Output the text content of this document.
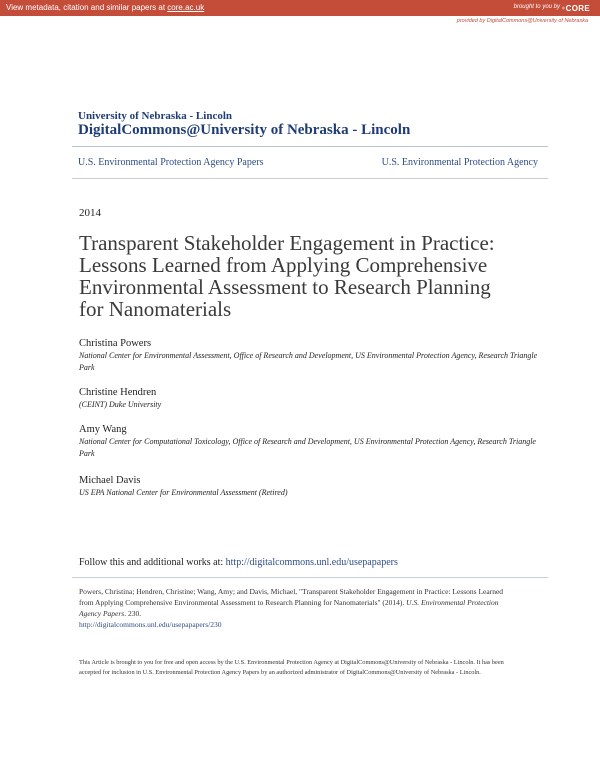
View metadata, citation and similar papers at core.ac.uk	brought to you by CORE
provided by DigitalCommons@University of Nebraska
University of Nebraska - Lincoln
DigitalCommons@University of Nebraska - Lincoln
U.S. Environmental Protection Agency Papers	U.S. Environmental Protection Agency
2014
Transparent Stakeholder Engagement in Practice: Lessons Learned from Applying Comprehensive Environmental Assessment to Research Planning for Nanomaterials
Christina Powers
National Center for Environmental Assessment, Office of Research and Development, US Environmental Protection Agency, Research Triangle Park
Christine Hendren
(CEINT) Duke University
Amy Wang
National Center for Computational Toxicology, Office of Research and Development, US Environmental Protection Agency, Research Triangle Park
Michael Davis
US EPA National Center for Environmental Assessment (Retired)
Follow this and additional works at: http://digitalcommons.unl.edu/usepapapers
Powers, Christina; Hendren, Christine; Wang, Amy; and Davis, Michael, "Transparent Stakeholder Engagement in Practice: Lessons Learned from Applying Comprehensive Environmental Assessment to Research Planning for Nanomaterials" (2014). U.S. Environmental Protection Agency Papers. 230.
http://digitalcommons.unl.edu/usepapapers/230
This Article is brought to you for free and open access by the U.S. Environmental Protection Agency at DigitalCommons@University of Nebraska - Lincoln. It has been accepted for inclusion in U.S. Environmental Protection Agency Papers by an authorized administrator of DigitalCommons@University of Nebraska - Lincoln.
